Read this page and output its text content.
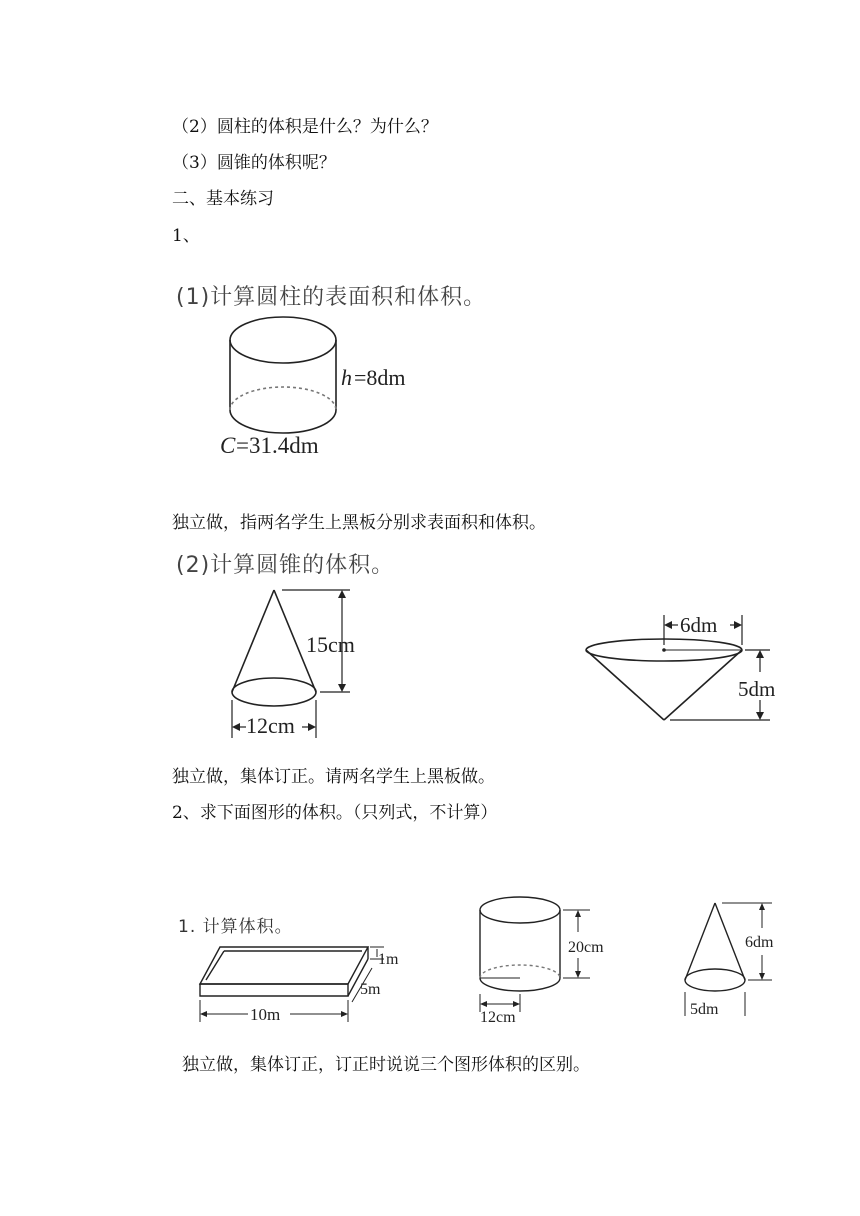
（2）圆柱的体积是什么？为什么？
（3）圆锥的体积呢？
二、基本练习
1、
(1)计算圆柱的表面积和体积。
h =8dm
C =31.4dm
独立做，指两名学生上黑板分别求表面积和体积。
(2)计算圆锥的体积。
15cm
12cm
6dm
5dm
独立做，集体订正。请两名学生上黑板做。
2、求下面图形的体积。（只列式，不计算）
1. 计算体积。
1m
5m
10m
20cm
12cm
6dm
5dm
独立做，集体订正，订正时说说三个图形体积的区别。
